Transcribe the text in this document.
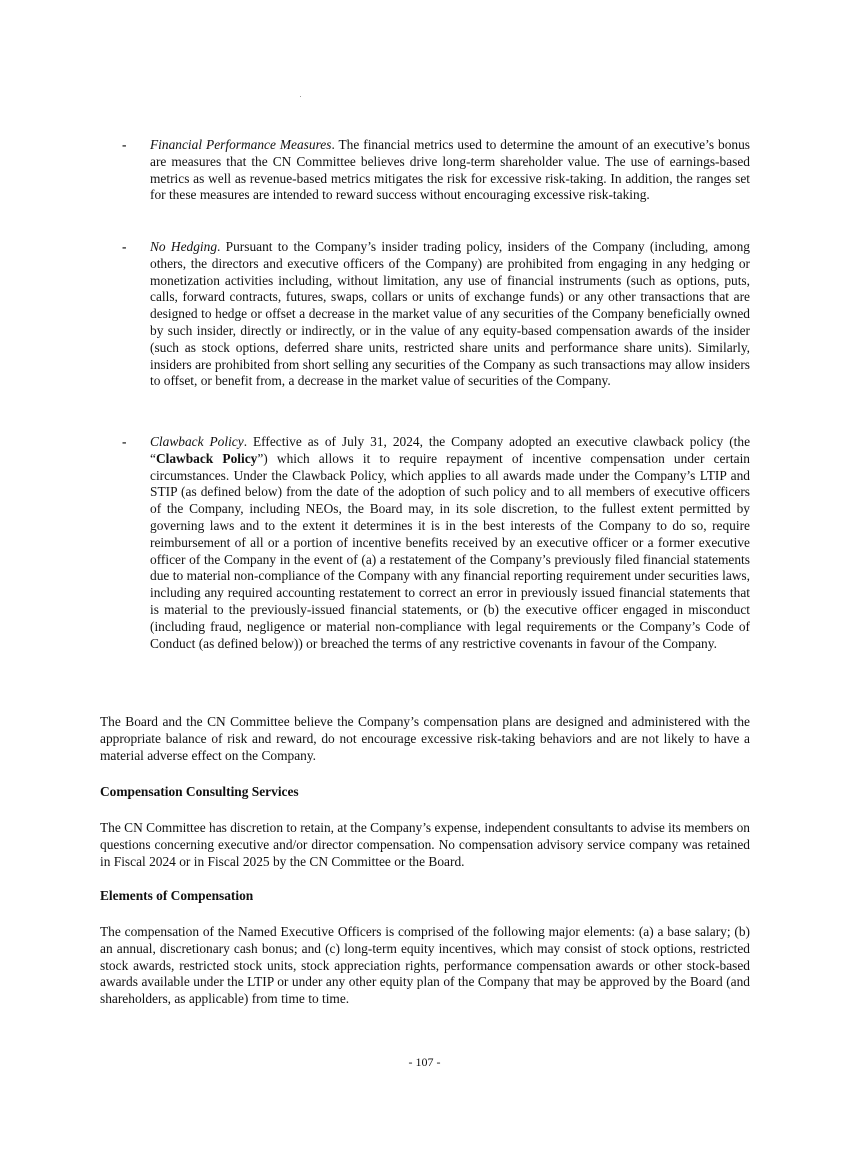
- Financial Performance Measures. The financial metrics used to determine the amount of an executive’s bonus are measures that the CN Committee believes drive long-term shareholder value. The use of earnings-based metrics as well as revenue-based metrics mitigates the risk for excessive risk-taking. In addition, the ranges set for these measures are intended to reward success without encouraging excessive risk-taking.
- No Hedging. Pursuant to the Company’s insider trading policy, insiders of the Company (including, among others, the directors and executive officers of the Company) are prohibited from engaging in any hedging or monetization activities including, without limitation, any use of financial instruments (such as options, puts, calls, forward contracts, futures, swaps, collars or units of exchange funds) or any other transactions that are designed to hedge or offset a decrease in the market value of any securities of the Company beneficially owned by such insider, directly or indirectly, or in the value of any equity-based compensation awards of the insider (such as stock options, deferred share units, restricted share units and performance share units). Similarly, insiders are prohibited from short selling any securities of the Company as such transactions may allow insiders to offset, or benefit from, a decrease in the market value of securities of the Company.
- Clawback Policy. Effective as of July 31, 2024, the Company adopted an executive clawback policy (the “Clawback Policy”) which allows it to require repayment of incentive compensation under certain circumstances. Under the Clawback Policy, which applies to all awards made under the Company’s LTIP and STIP (as defined below) from the date of the adoption of such policy and to all members of executive officers of the Company, including NEOs, the Board may, in its sole discretion, to the fullest extent permitted by governing laws and to the extent it determines it is in the best interests of the Company to do so, require reimbursement of all or a portion of incentive benefits received by an executive officer or a former executive officer of the Company in the event of (a) a restatement of the Company’s previously filed financial statements due to material non-compliance of the Company with any financial reporting requirement under securities laws, including any required accounting restatement to correct an error in previously issued financial statements that is material to the previously-issued financial statements, or (b) the executive officer engaged in misconduct (including fraud, negligence or material non-compliance with legal requirements or the Company’s Code of Conduct (as defined below)) or breached the terms of any restrictive covenants in favour of the Company.
The Board and the CN Committee believe the Company’s compensation plans are designed and administered with the appropriate balance of risk and reward, do not encourage excessive risk-taking behaviors and are not likely to have a material adverse effect on the Company.
Compensation Consulting Services
The CN Committee has discretion to retain, at the Company’s expense, independent consultants to advise its members on questions concerning executive and/or director compensation. No compensation advisory service company was retained in Fiscal 2024 or in Fiscal 2025 by the CN Committee or the Board.
Elements of Compensation
The compensation of the Named Executive Officers is comprised of the following major elements: (a) a base salary; (b) an annual, discretionary cash bonus; and (c) long-term equity incentives, which may consist of stock options, restricted stock awards, restricted stock units, stock appreciation rights, performance compensation awards or other stock-based awards available under the LTIP or under any other equity plan of the Company that may be approved by the Board (and shareholders, as applicable) from time to time.
- 107 -
